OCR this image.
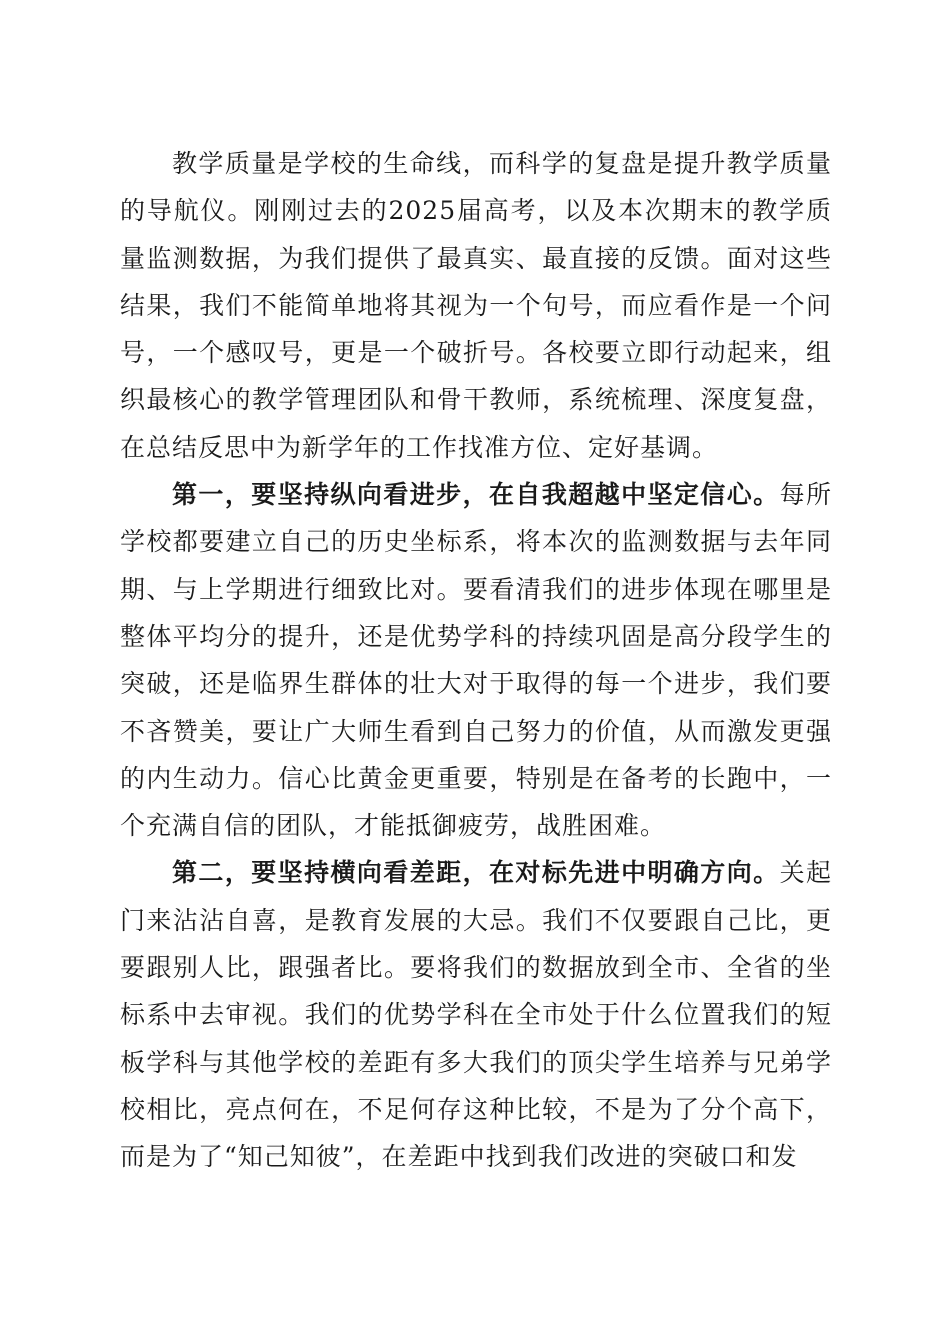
教学质量是学校的生命线，而科学的复盘是提升教学质量的导航仪。刚刚过去的2025届高考，以及本次期末的教学质量监测数据，为我们提供了最真实、最直接的反馈。面对这些结果，我们不能简单地将其视为一个句号，而应看作是一个问号，一个感叹号，更是一个破折号。各校要立即行动起来，组织最核心的教学管理团队和骨干教师，系统梳理、深度复盘，在总结反思中为新学年的工作找准方位、定好基调。

第一，要坚持纵向看进步，在自我超越中坚定信心。每所学校都要建立自己的历史坐标系，将本次的监测数据与去年同期、与上学期进行细致比对。要看清我们的进步体现在哪里是整体平均分的提升，还是优势学科的持续巩固是高分段学生的突破，还是临界生群体的壮大对于取得的每一个进步，我们要不吝赞美，要让广大师生看到自己努力的价值，从而激发更强的内生动力。信心比黄金更重要，特别是在备考的长跑中，一个充满自信的团队，才能抵御疲劳，战胜困难。

第二，要坚持横向看差距，在对标先进中明确方向。关起门来沾沾自喜，是教育发展的大忌。我们不仅要跟自己比，更要跟别人比，跟强者比。要将我们的数据放到全市、全省的坐标系中去审视。我们的优势学科在全市处于什么位置我们的短板学科与其他学校的差距有多大我们的顶尖学生培养与兄弟学校相比，亮点何在，不足何存这种比较，不是为了分个高下，而是为了“知己知彼”，在差距中找到我们改进的突破口和发
